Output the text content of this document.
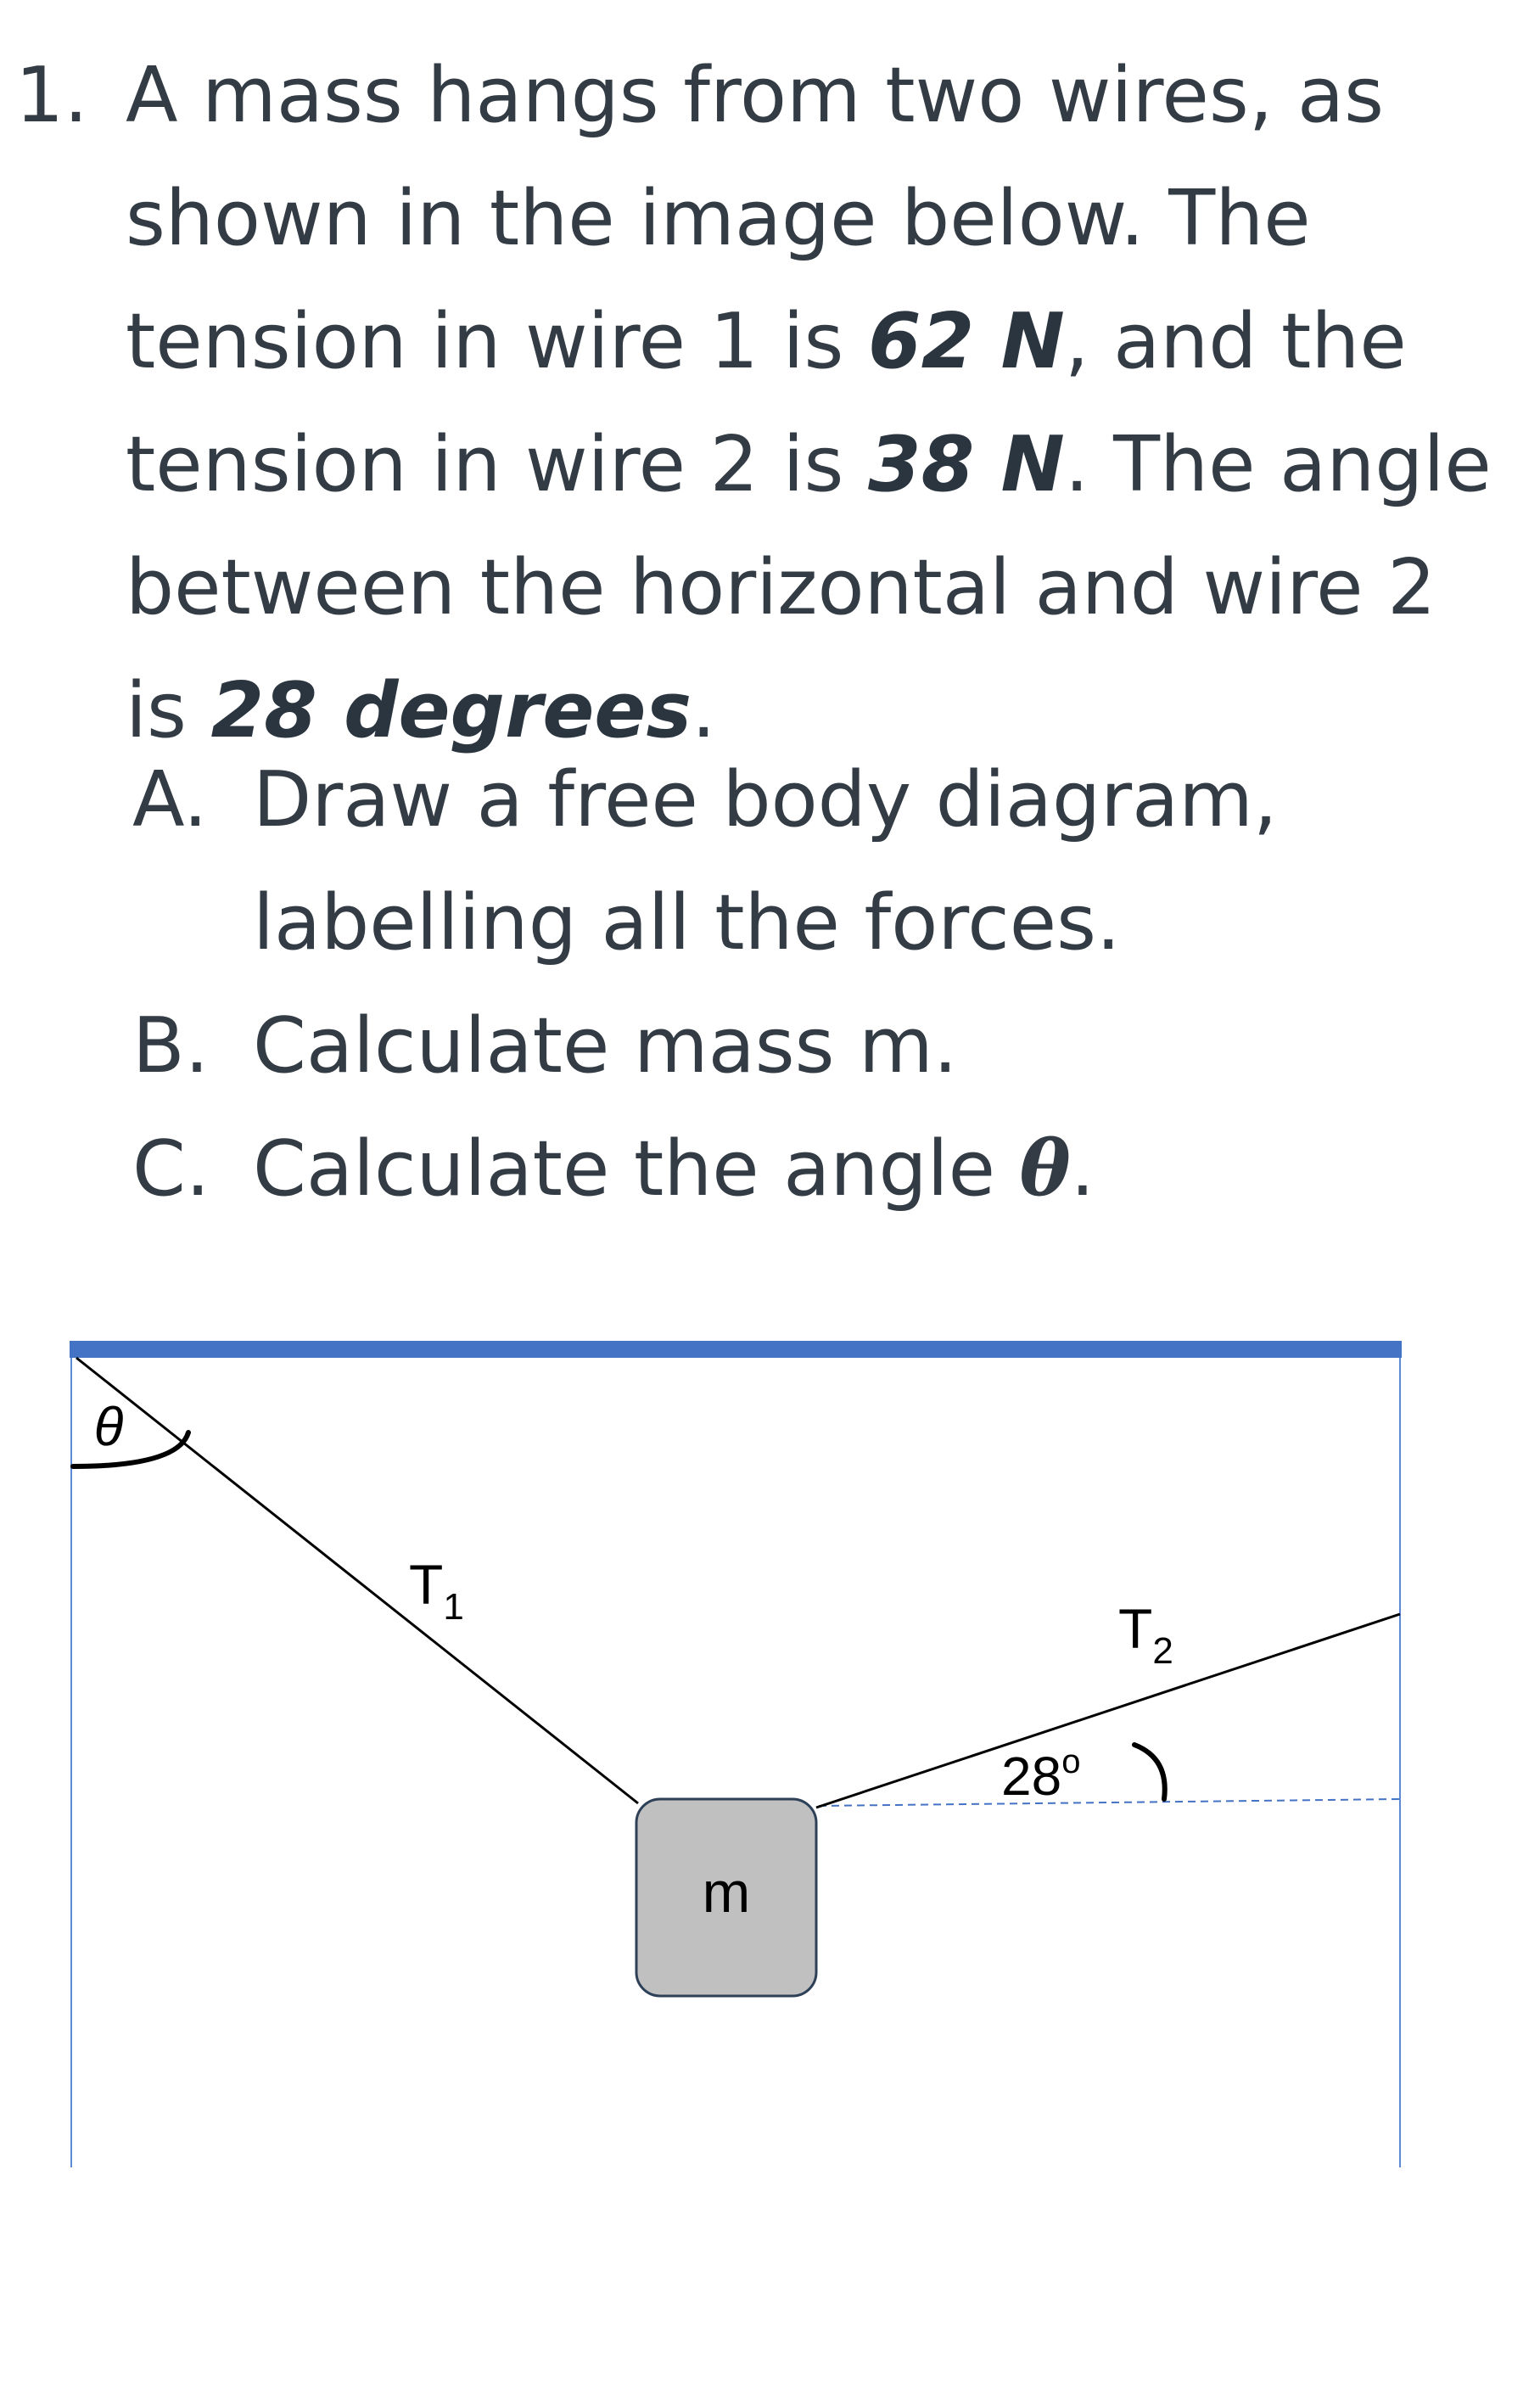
1. A mass hangs from two wires, as shown in the image below. The tension in wire 1 is 62 N, and the tension in wire 2 is 38 N. The angle between the horizontal and wire 2 is 28 degrees.
A. Draw a free body diagram, labelling all the forces.
B. Calculate mass m.
C. Calculate the angle θ.
θ
$T_1$	$T_2$
28$^o$
m
